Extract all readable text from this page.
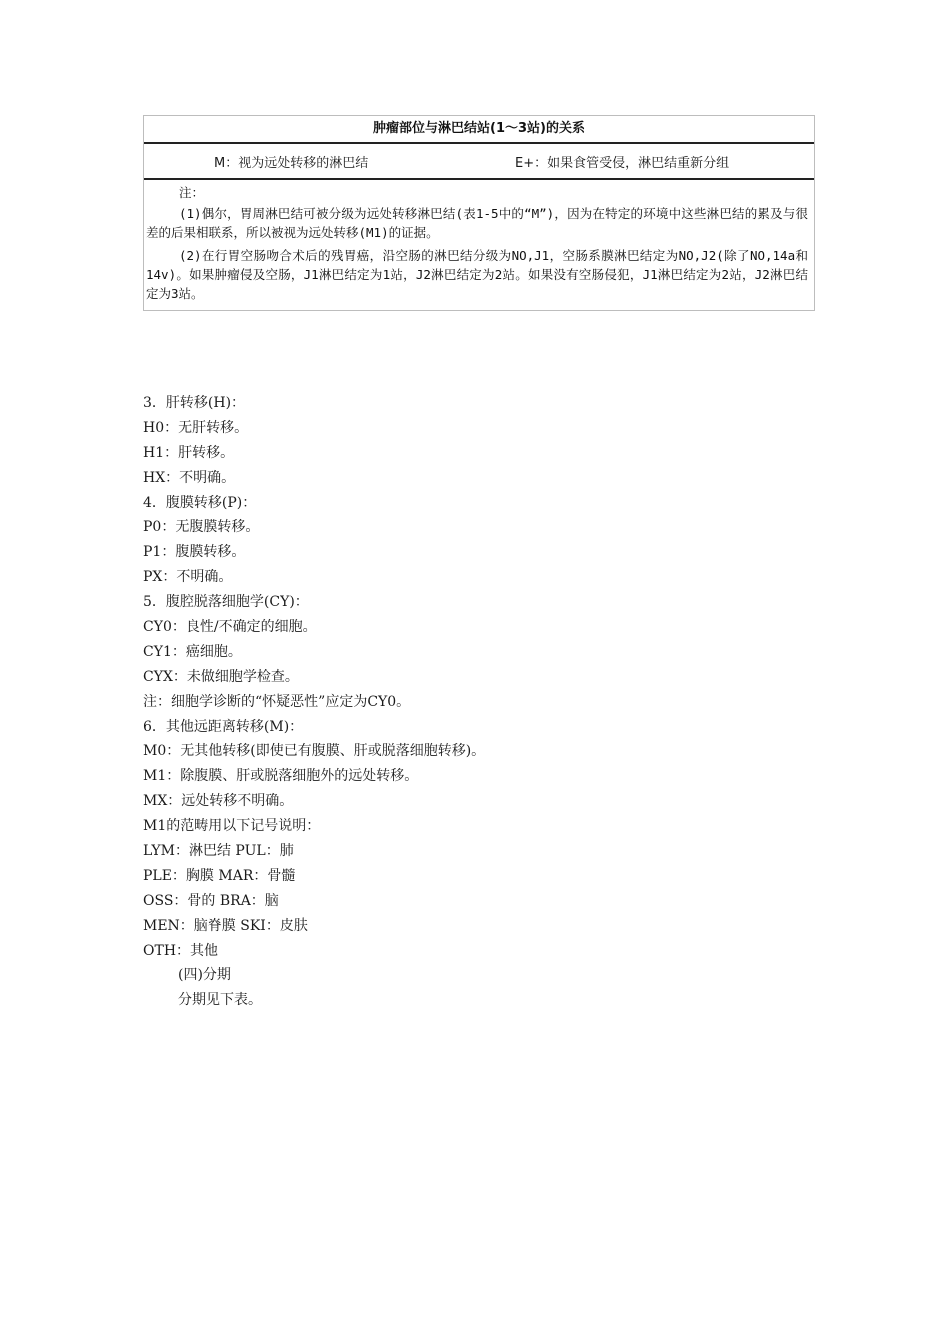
肿瘤部位与淋巴结站(1～3站)的关系
M：视为远处转移的淋巴结	E+：如果食管受侵，淋巴结重新分组
注：
(1)偶尔，胃周淋巴结可被分级为远处转移淋巴结(表1-5中的“M”)，因为在特定的环境中这些淋巴结的累及与很差的后果相联系，所以被视为远处转移(M1)的证据。
(2)在行胃空肠吻合术后的残胃癌，沿空肠的淋巴结分级为NO,J1，空肠系膜淋巴结定为NO,J2(除了NO,14a和14v)。如果肿瘤侵及空肠，J1淋巴结定为1站，J2淋巴结定为2站。如果没有空肠侵犯，J1淋巴结定为2站，J2淋巴结定为3站。
3．肝转移(H)：
H0：无肝转移。
H1：肝转移。
HX：不明确。
4．腹膜转移(P)：
P0：无腹膜转移。
P1：腹膜转移。
PX：不明确。
5．腹腔脱落细胞学(CY)：
CY0：良性/不确定的细胞。
CY1：癌细胞。
CYX：未做细胞学检查。
注：细胞学诊断的“怀疑恶性”应定为CY0。
6．其他远距离转移(M)：
M0：无其他转移(即使已有腹膜、肝或脱落细胞转移)。
M1：除腹膜、肝或脱落细胞外的远处转移。
MX：远处转移不明确。
M1的范畴用以下记号说明：
LYM：淋巴结 PUL：肺
PLE：胸膜 MAR：骨髓
OSS：骨的 BRA：脑
MEN：脑脊膜 SKI：皮肤
OTH：其他
(四)分期
分期见下表。
